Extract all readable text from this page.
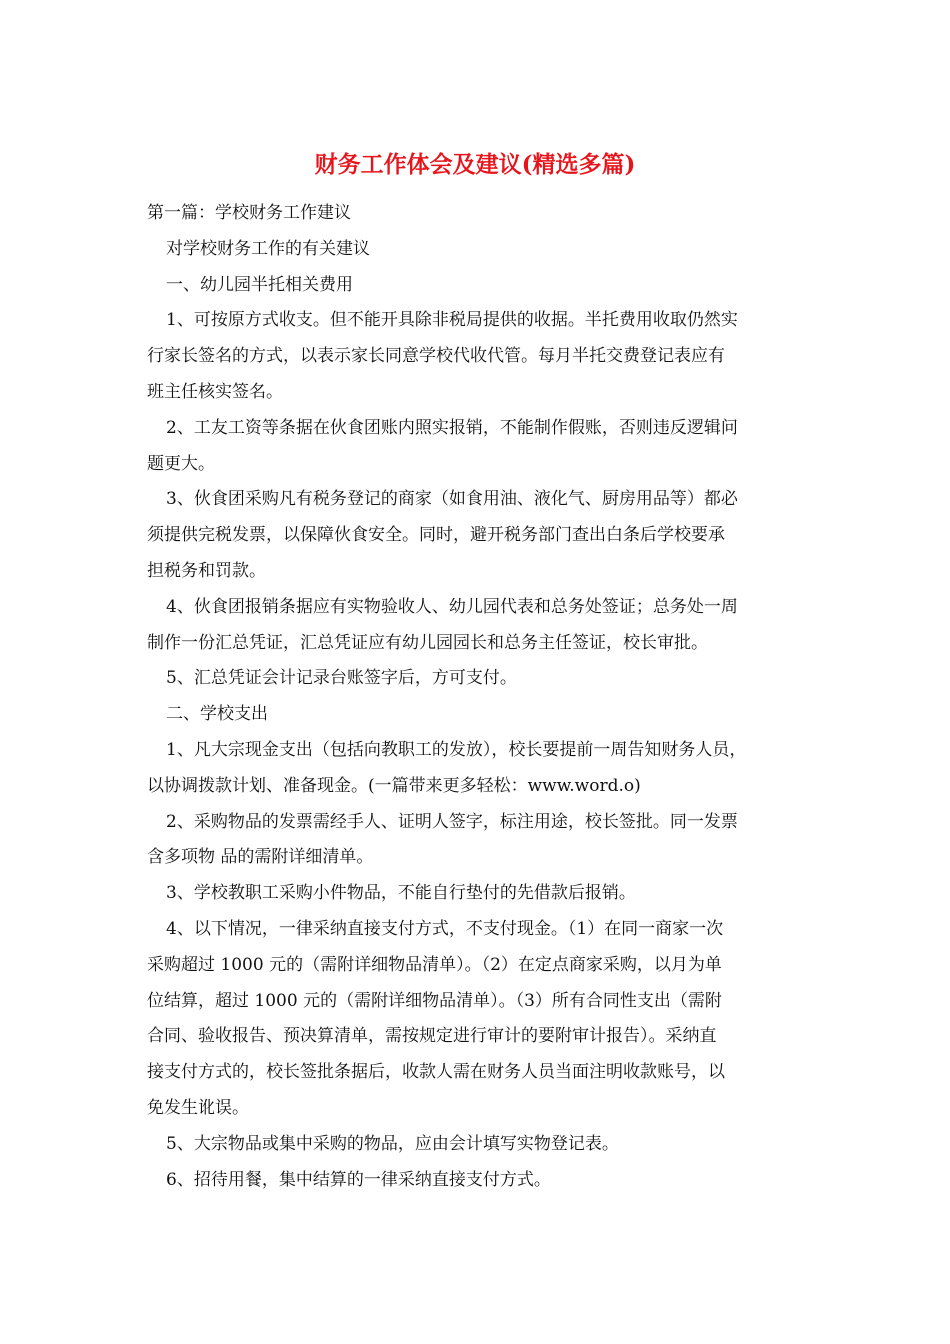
财务工作体会及建议(精选多篇)
第一篇：学校财务工作建议
对学校财务工作的有关建议
一、幼儿园半托相关费用
1、可按原方式收支。但不能开具除非税局提供的收据。半托费用收取仍然实
行家长签名的方式，以表示家长同意学校代收代管。每月半托交费登记表应有
班主任核实签名。
2、工友工资等条据在伙食团账内照实报销，不能制作假账，否则违反逻辑问
题更大。
3、伙食团采购凡有税务登记的商家（如食用油、液化气、厨房用品等）都必
须提供完税发票，以保障伙食安全。同时，避开税务部门查出白条后学校要承
担税务和罚款。
4、伙食团报销条据应有实物验收人、幼儿园代表和总务处签证；总务处一周
制作一份汇总凭证，汇总凭证应有幼儿园园长和总务主任签证，校长审批。
5、汇总凭证会计记录台账签字后，方可支付。
二、学校支出
1、凡大宗现金支出（包括向教职工的发放），校长要提前一周告知财务人员，
以协调拨款计划、准备现金。(一篇带来更多轻松：www.word.o)
2、采购物品的发票需经手人、证明人签字，标注用途，校长签批。同一发票
含多项物 品的需附详细清单。
3、学校教职工采购小件物品，不能自行垫付的先借款后报销。
4、以下情况，一律采纳直接支付方式，不支付现金。（1）在同一商家一次
采购超过 1000 元的（需附详细物品清单）。（2）在定点商家采购，以月为单
位结算，超过 1000 元的（需附详细物品清单）。（3）所有合同性支出（需附
合同、验收报告、预决算清单，需按规定进行审计的要附审计报告）。采纳直
接支付方式的，校长签批条据后，收款人需在财务人员当面注明收款账号，以
免发生讹误。
5、大宗物品或集中采购的物品，应由会计填写实物登记表。
6、招待用餐，集中结算的一律采纳直接支付方式。
